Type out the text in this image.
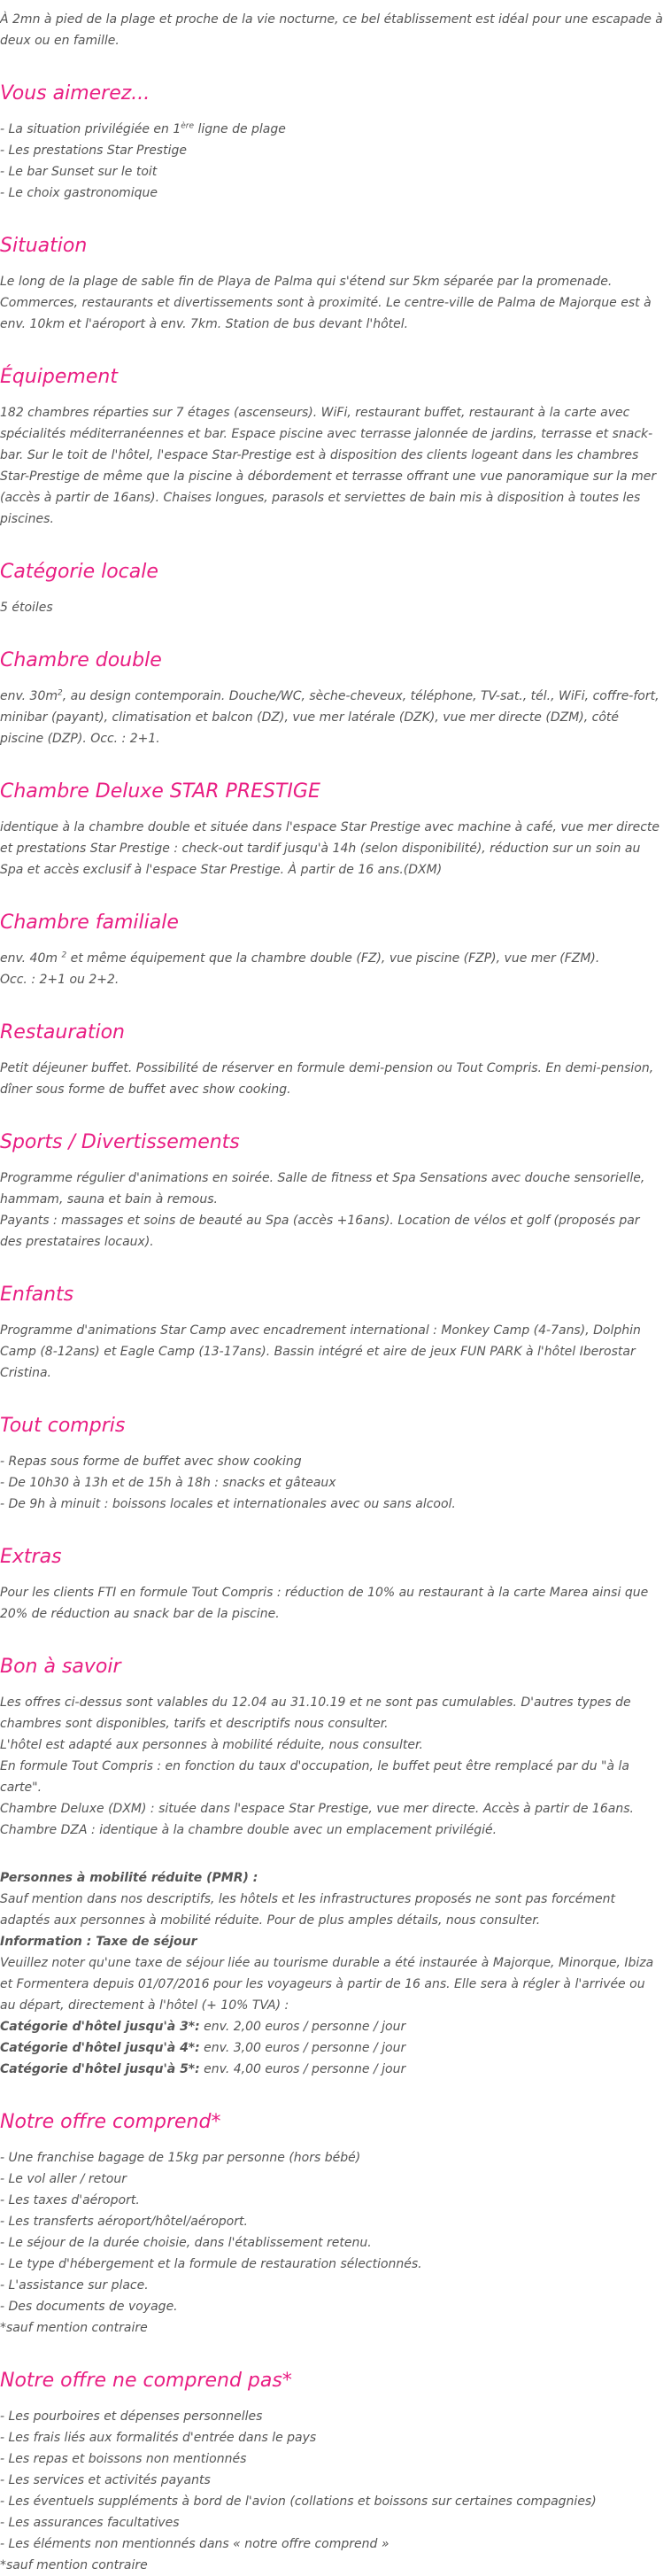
À 2mn à pied de la plage et proche de la vie nocturne, ce bel établissement est idéal pour une escapade à deux ou en famille.

Vous aimerez...
- La situation privilégiée en 1ère ligne de plage
- Les prestations Star Prestige
- Le bar Sunset sur le toit
- Le choix gastronomique
Situation

Le long de la plage de sable fin de Playa de Palma qui s'étend sur 5km séparée par la promenade. Commerces, restaurants et divertissements sont à proximité. Le centre-ville de Palma de Majorque est à env. 10km et l'aéroport à env. 7km. Station de bus devant l'hôtel.

Équipement

182 chambres réparties sur 7 étages (ascenseurs). WiFi, restaurant buffet, restaurant à la carte avec spécialités méditerranéennes et bar. Espace piscine avec terrasse jalonnée de jardins, terrasse et snack-bar. Sur le toit de l'hôtel, l'espace Star-Prestige est à disposition des clients logeant dans les chambres Star-Prestige de même que la piscine à débordement et terrasse offrant une vue panoramique sur la mer (accès à partir de 16ans). Chaises longues, parasols et serviettes de bain mis à disposition à toutes les piscines.

Catégorie locale

5 étoiles

Chambre double

env. $30m^2$, au design contemporain. Douche/WC, sèche-cheveux, téléphone, TV-sat., tél., WiFi, coffre-fort, minibar (payant), climatisation et balcon (DZ), vue mer latérale (DZK), vue mer directe (DZM), côté piscine (DZP). Occ. : 2+1.

Chambre Deluxe STAR PRESTIGE

identique à la chambre double et située dans l'espace Star Prestige avec machine à café, vue mer directe et prestations Star Prestige : check-out tardif jusqu'à 14h (selon disponibilité), réduction sur un soin au Spa et accès exclusif à l'espace Star Prestige. À partir de 16 ans.(DXM)

Chambre familiale

env. 40m $^2$ et même équipement que la chambre double (FZ), vue piscine (FZP), vue mer (FZM).

Occ. : 2+1 ou 2+2.

Restauration

Petit déjeuner buffet. Possibilité de réserver en formule demi-pension ou Tout Compris. En demi-pension, dîner sous forme de buffet avec show cooking.

Sports / Divertissements

Programme régulier d'animations en soirée. Salle de fitness et Spa Sensations avec douche sensorielle, hammam, sauna et bain à remous.

Payants : massages et soins de beauté au Spa (accès +16ans). Location de vélos et golf (proposés par des prestataires locaux).

Enfants

Programme d'animations Star Camp avec encadrement international : Monkey Camp (4-7ans), Dolphin Camp (8-12ans) et Eagle Camp (13-17ans). Bassin intégré et aire de jeux FUN PARK à l'hôtel Iberostar Cristina.

Tout compris
- Repas sous forme de buffet avec show cooking
- De 10h30 à 13h et de 15h à 18h : snacks et gâteaux
- De 9h à minuit : boissons locales et internationales avec ou sans alcool.
Extras

Pour les clients FTI en formule Tout Compris : réduction de 10% au restaurant à la carte Marea ainsi que 20% de réduction au snack bar de la piscine.

Bon à savoir

Les offres ci-dessus sont valables du 12.04 au 31.10.19 et ne sont pas cumulables. D'autres types de chambres sont disponibles, tarifs et descriptifs nous consulter.

L'hôtel est adapté aux personnes à mobilité réduite, nous consulter.

En formule Tout Compris : en fonction du taux d'occupation, le buffet peut être remplacé par du "à la carte".

Chambre Deluxe (DXM) : située dans l'espace Star Prestige, vue mer directe. Accès à partir de 16ans.

Chambre DZA : identique à la chambre double avec un emplacement privilégié.

Personnes à mobilité réduite (PMR) :

Sauf mention dans nos descriptifs, les hôtels et les infrastructures proposés ne sont pas forcément adaptés aux personnes à mobilité réduite. Pour de plus amples détails, nous consulter.

Information : Taxe de séjour

Veuillez noter qu'une taxe de séjour liée au tourisme durable a été instaurée à Majorque, Minorque, Ibiza et Formentera depuis 01/07/2016 pour les voyageurs à partir de 16 ans. Elle sera à régler à l'arrivée ou au départ, directement à l'hôtel (+ 10% TVA) :

Catégorie d'hôtel jusqu'à 3*: env. 2,00 euros / personne / jour

Catégorie d'hôtel jusqu'à 4*: env. 3,00 euros / personne / jour

Catégorie d'hôtel jusqu'à 5*: env. 4,00 euros / personne / jour

Notre offre comprend*
- Une franchise bagage de 15kg par personne (hors bébé)
- Le vol aller / retour
- Les taxes d'aéroport.
- Les transferts aéroport/hôtel/aéroport.
- Le séjour de la durée choisie, dans l'établissement retenu.
- Le type d'hébergement et la formule de restauration sélectionnés.
- L'assistance sur place.
- Des documents de voyage.
*sauf mention contraire
Notre offre ne comprend pas*
- Les pourboires et dépenses personnelles
- Les frais liés aux formalités d'entrée dans le pays
- Les repas et boissons non mentionnés
- Les services et activités payants
- Les éventuels suppléments à bord de l'avion (collations et boissons sur certaines compagnies)
- Les assurances facultatives
- Les éléments non mentionnés dans « notre offre comprend »
*sauf mention contraire
